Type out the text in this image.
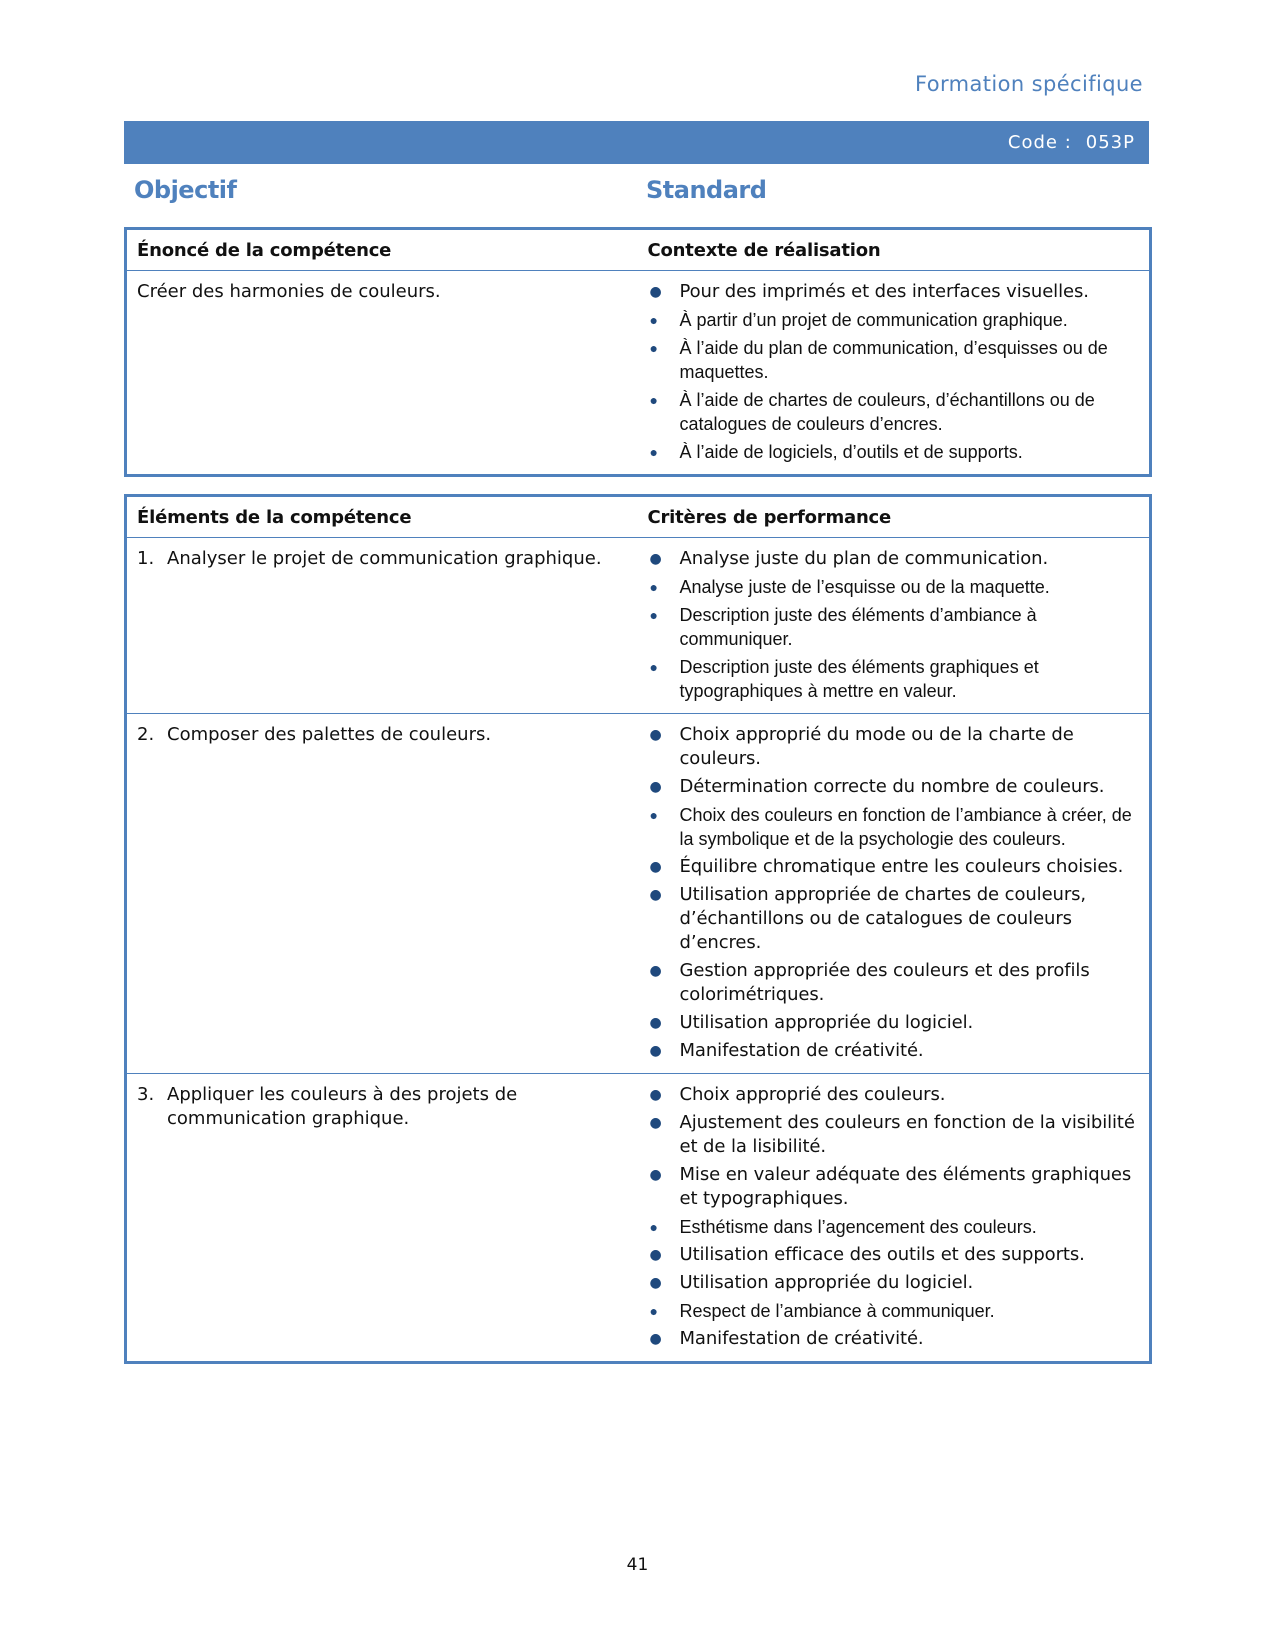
Formation spécifique
Code : 053P
Objectif	Standard
Énoncé de la compétence	Contexte de réalisation

Créer des harmonies de couleurs.	● Pour des imprimés et des interfaces visuelles.
●	À partir d’un projet de communication graphique.
●	À l’aide du plan de communication, d’esquisses ou de maquettes.
●	À l’aide de chartes de couleurs, d’échantillons ou de catalogues de couleurs d’encres.
●	À l’aide de logiciels, d’outils et de supports.
Éléments de la compétence	Critères de performance

1. Analyser le projet de communication graphique.	● Analyse juste du plan de communication.
●	Analyse juste de l’esquisse ou de la maquette.
●	Description juste des éléments d’ambiance à communiquer.
●	Description juste des éléments graphiques et typographiques à mettre en valeur.

2. Composer des palettes de couleurs.	● Choix approprié du mode ou de la charte de couleurs.
● Détermination correcte du nombre de couleurs.
●	Choix des couleurs en fonction de l’ambiance à créer, de la symbolique et de la psychologie des couleurs.
● Équilibre chromatique entre les couleurs choisies.
● Utilisation appropriée de chartes de couleurs, d’échantillons ou de catalogues de couleurs d’encres.
● Gestion appropriée des couleurs et des profils colorimétriques.
● Utilisation appropriée du logiciel.
● Manifestation de créativité.

3. Appliquer les couleurs à des projets de communication graphique.

● Choix approprié des couleurs.
● Ajustement des couleurs en fonction de la visibilité et de la lisibilité.
● Mise en valeur adéquate des éléments graphiques et typographiques.
●	Esthétisme dans l’agencement des couleurs.
● Utilisation efficace des outils et des supports.
● Utilisation appropriée du logiciel.
●	Respect de l’ambiance à communiquer.
● Manifestation de créativité.
41
